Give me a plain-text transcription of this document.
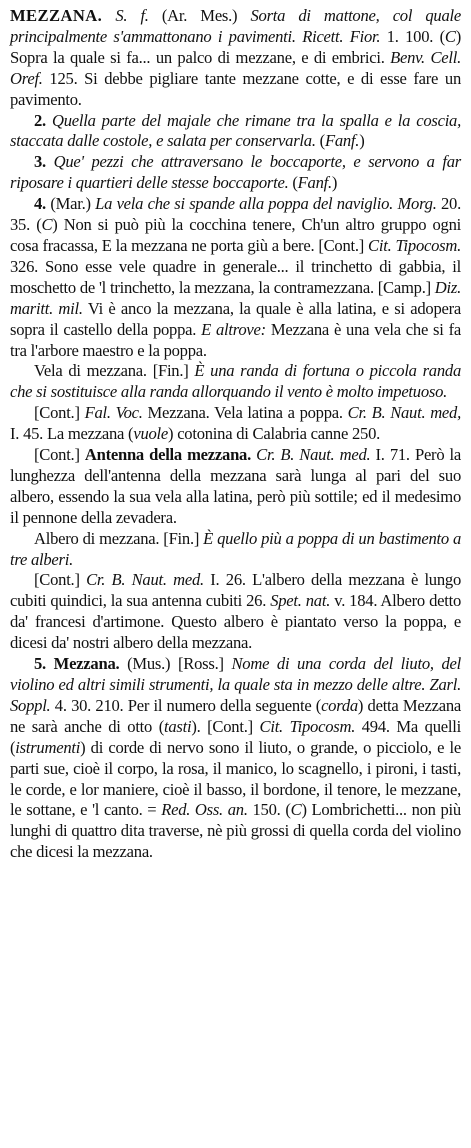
MEZZANA. S. f. (Ar. Mes.) Sorta di mattone, col quale principalmente s'ammattonano i pavimenti. Ricett. Fior. 1. 100. (C) Sopra la quale si fa... un palco di mezzane, e di embrici. Benv. Cell. Oref. 125. Si debbe pigliare tante mezzane cotte, e di esse fare un pavimento.

2. Quella parte del majale che rimane tra la spalla e la coscia, staccata dalle costole, e salata per conservarla. (Fanf.)

3. Que' pezzi che attraversano le boccaporte, e servono a far riposare i quartieri delle stesse boccaporte. (Fanf.)

4. (Mar.) La vela che si spande alla poppa del naviglio. Morg. 20. 35. (C) Non si può più la cocchina tenere, Ch'un altro gruppo ogni cosa fracassa, E la mezzana ne porta giù a bere. [Cont.] Cit. Tipocosm. 326. Sono esse vele quadre in generale... il trinchetto di gabbia, il moschetto de 'l trinchetto, la mezzana, la contramezzana. [Camp.] Diz. maritt. mil. Vi è anco la mezzana, la quale è alla latina, e si adopera sopra il castello della poppa. E altrove: Mezzana è una vela che si fa tra l'arbore maestro e la poppa.

Vela di mezzana. [Fin.] È una randa di fortuna o piccola randa che si sostituisce alla randa allorquando il vento è molto impetuoso.

[Cont.] Fal. Voc. Mezzana. Vela latina a poppa. Cr. B. Naut. med, I. 45. La mezzana (vuole) cotonina di Calabria canne 250.

[Cont.] Antenna della mezzana. Cr. B. Naut. med. I. 71. Però la lunghezza dell'antenna della mezzana sarà lunga al pari del suo albero, essendo la sua vela alla latina, però più sottile; ed il medesimo il pennone della zevadera.

Albero di mezzana. [Fin.] È quello più a poppa di un bastimento a tre alberi.

[Cont.] Cr. B. Naut. med. I. 26. L'albero della mezzana è lungo cubiti quindici, la sua antenna cubiti 26. Spet. nat. v. 184. Albero detto da' francesi d'artimone. Questo albero è piantato verso la poppa, e dicesi da' nostri albero della mezzana.

5. Mezzana. (Mus.) [Ross.] Nome di una corda del liuto, del violino ed altri simili strumenti, la quale sta in mezzo delle altre. Zarl. Soppl. 4. 30. 210. Per il numero della seguente (corda) detta Mezzana ne sarà anche di otto (tasti). [Cont.] Cit. Tipocosm. 494. Ma quelli (istrumenti) di corde di nervo sono il liuto, o grande, o picciolo, e le parti sue, cioè il corpo, la rosa, il manico, lo scagnello, i pironi, i tasti, le corde, e lor maniere, cioè il basso, il bordone, il tenore, le mezzane, le sottane, e 'l canto. = Red. Oss. an. 150. (C) Lombrichetti... non più lunghi di quattro dita traverse, nè più grossi di quella corda del violino che dicesi la mezzana.
